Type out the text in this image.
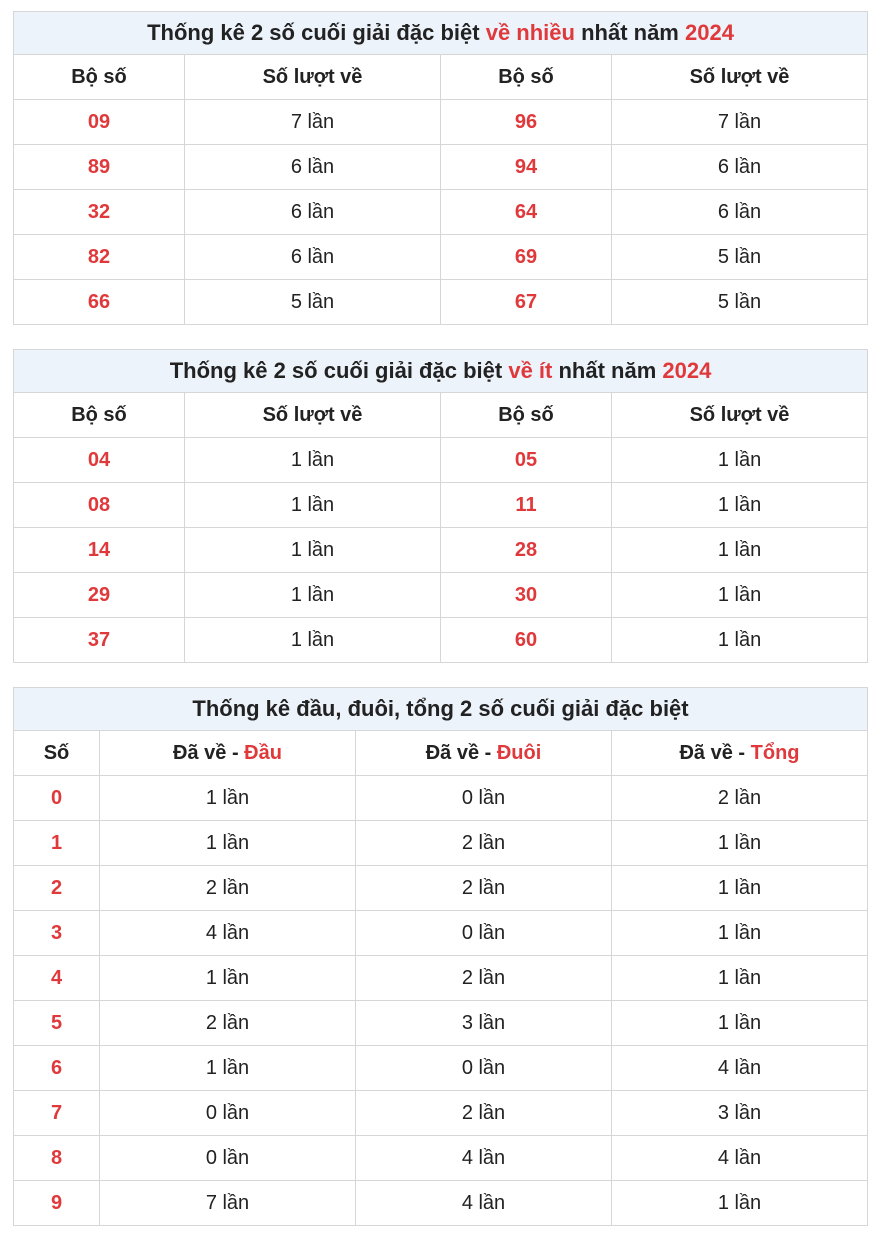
Thống kê 2 số cuối giải đặc biệt về nhiều nhất năm 2024			
Bộ số	Số lượt về	Bộ số	Số lượt về
09	7 lần	96	7 lần
89	6 lần	94	6 lần
32	6 lần	64	6 lần
82	6 lần	69	5 lần
66	5 lần	67	5 lần
Thống kê 2 số cuối giải đặc biệt về ít nhất năm 2024			
Bộ số	Số lượt về	Bộ số	Số lượt về
04	1 lần	05	1 lần
08	1 lần	11	1 lần
14	1 lần	28	1 lần
29	1 lần	30	1 lần
37	1 lần	60	1 lần
Thống kê đầu, đuôi, tổng 2 số cuối giải đặc biệt			
Số	Đã về - Đầu	Đã về - Đuôi	Đã về - Tổng
0	1 lần	0 lần	2 lần
1	1 lần	2 lần	1 lần
2	2 lần	2 lần	1 lần
3	4 lần	0 lần	1 lần
4	1 lần	2 lần	1 lần
5	2 lần	3 lần	1 lần
6	1 lần	0 lần	4 lần
7	0 lần	2 lần	3 lần
8	0 lần	4 lần	4 lần
9	7 lần	4 lần	1 lần
